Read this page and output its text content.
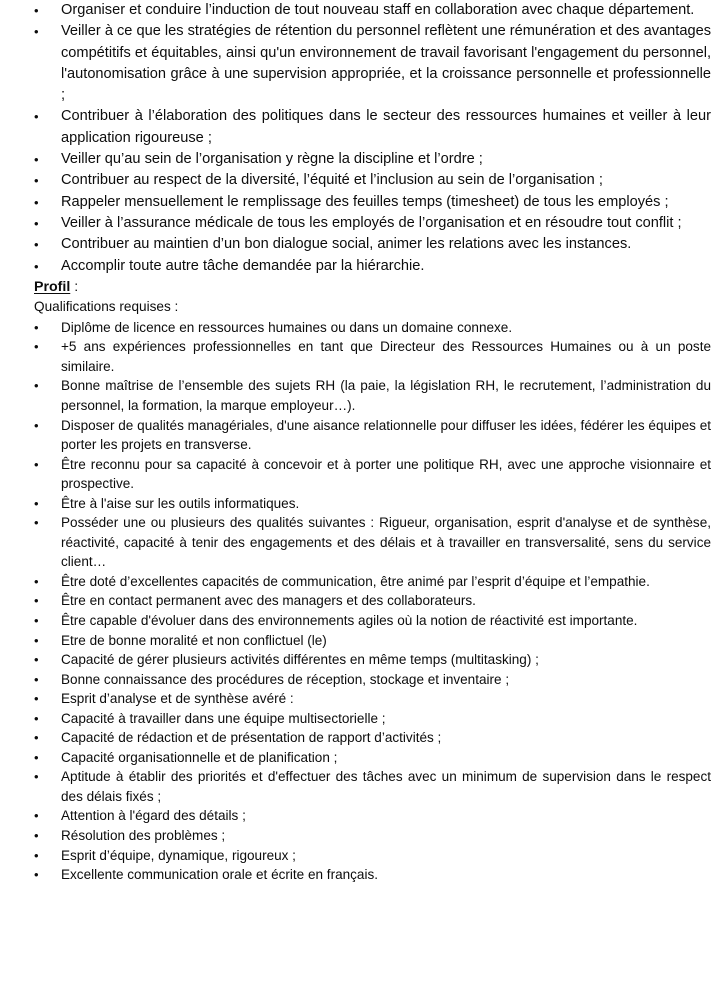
• Organiser et conduire l’induction de tout nouveau staff en collaboration avec chaque département.
• Veiller à ce que les stratégies de rétention du personnel reflètent une rémunération et des avantages compétitifs et équitables, ainsi qu'un environnement de travail favorisant l'engagement du personnel, l'autonomisation grâce à une supervision appropriée, et la croissance personnelle et professionnelle ;
• Contribuer à l’élaboration des politiques dans le secteur des ressources humaines et veiller à leur application rigoureuse ;
• Veiller qu’au sein de l’organisation y règne la discipline et l’ordre ;
• Contribuer au respect de la diversité, l’équité et l’inclusion au sein de l’organisation ;
• Rappeler mensuellement le remplissage des feuilles temps (timesheet) de tous les employés ;
• Veiller à l’assurance médicale de tous les employés de l’organisation et en résoudre tout conflit ;
• Contribuer au maintien d’un bon dialogue social, animer les relations avec les instances.
• Accomplir toute autre tâche demandée par la hiérarchie.

Profil :

Qualifications requises :

• Diplôme de licence en ressources humaines ou dans un domaine connexe.
• +5 ans expériences professionnelles en tant que Directeur des Ressources Humaines ou à un poste similaire.
• Bonne maîtrise de l’ensemble des sujets RH (la paie, la législation RH, le recrutement, l’administration du personnel, la formation, la marque employeur…).
• Disposer de qualités managériales, d'une aisance relationnelle pour diffuser les idées, fédérer les équipes et porter les projets en transverse.
• Être reconnu pour sa capacité à concevoir et à porter une politique RH, avec une approche visionnaire et prospective.
• Être à l'aise sur les outils informatiques.
• Posséder une ou plusieurs des qualités suivantes : Rigueur, organisation, esprit d'analyse et de synthèse, réactivité, capacité à tenir des engagements et des délais et à travailler en transversalité, sens du service client…
• Être doté d’excellentes capacités de communication, être animé par l’esprit d’équipe et l’empathie.
• Être en contact permanent avec des managers et des collaborateurs.
• Être capable d'évoluer dans des environnements agiles où la notion de réactivité est importante.
• Etre de bonne moralité et non conflictuel (le)
• Capacité de gérer plusieurs activités différentes en même temps (multitasking) ;
• Bonne connaissance des procédures de réception, stockage et inventaire ;
• Esprit d’analyse et de synthèse avéré :
• Capacité à travailler dans une équipe multisectorielle ;
• Capacité de rédaction et de présentation de rapport d’activités ;
• Capacité organisationnelle et de planification ;
• Aptitude à établir des priorités et d'effectuer des tâches avec un minimum de supervision dans le respect des délais fixés ;
• Attention à l'égard des détails ;
• Résolution des problèmes ;
• Esprit d’équipe, dynamique, rigoureux ;
• Excellente communication orale et écrite en français.
